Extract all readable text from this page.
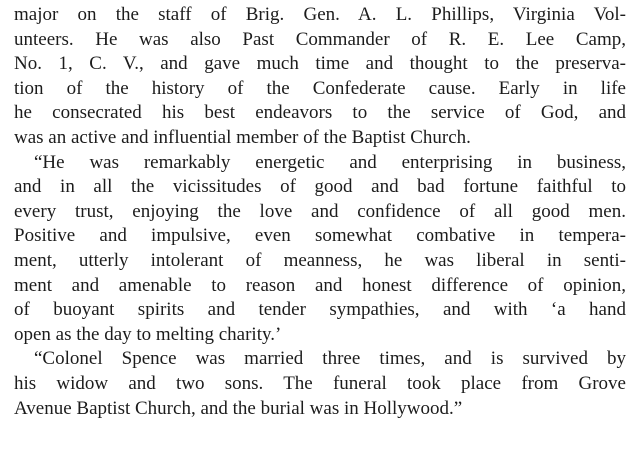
major on the staff of Brig. Gen. A. L. Phillips, Virginia Vol-
unteers. He was also Past Commander of R. E. Lee Camp,
No. 1, C. V., and gave much time and thought to the preserva-
tion of the history of the Confederate cause. Early in life
he consecrated his best endeavors to the service of God, and
was an active and influential member of the Baptist Church.
“He was remarkably energetic and enterprising in business,
and in all the vicissitudes of good and bad fortune faithful to
every trust, enjoying the love and confidence of all good men.
Positive and impulsive, even somewhat combative in tempera-
ment, utterly intolerant of meanness, he was liberal in senti-
ment and amenable to reason and honest difference of opinion,
of buoyant spirits and tender sympathies, and with ‘a hand
open as the day to melting charity.’
“Colonel Spence was married three times, and is survived by
his widow and two sons. The funeral took place from Grove
Avenue Baptist Church, and the burial was in Hollywood.”
